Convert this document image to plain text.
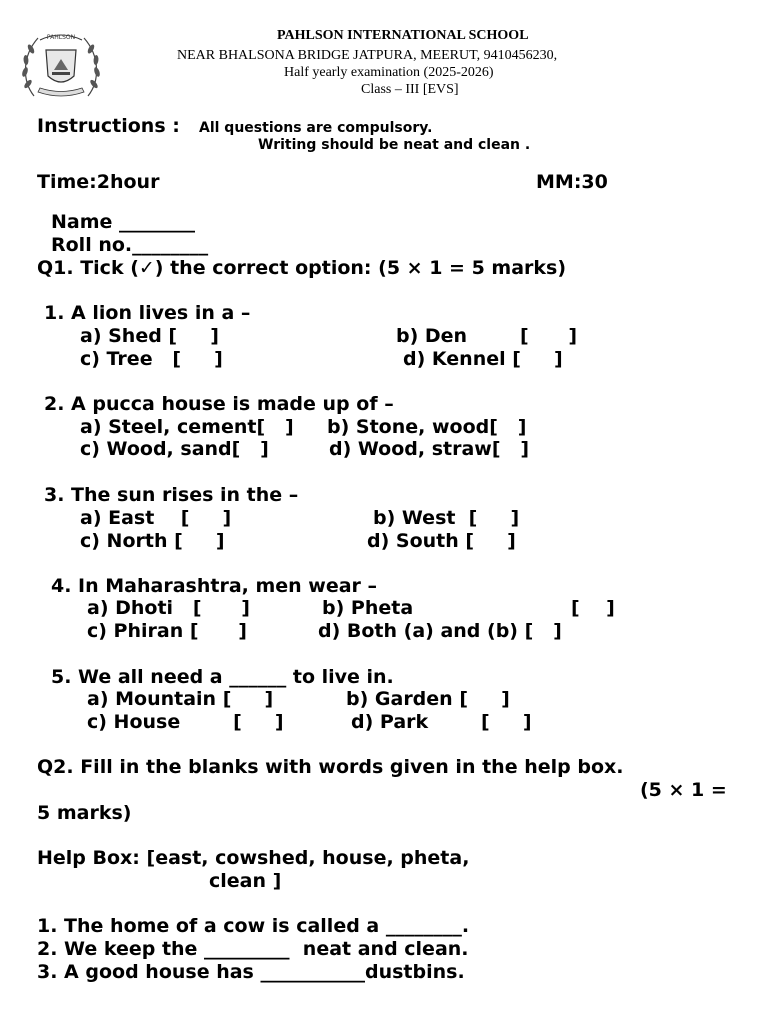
PAHLSON	PAHLSON INTERNATIONAL SCHOOL
NEAR BHALSONA BRIDGE JATPURA, MEERUT, 9410456230,
Half yearly examination (2025-2026)
Class – III [EVS]
Instructions : All questions are compulsory.
Writing should be neat and clean .
Time:2hour	MM:30
Name ________
Roll no.________
Q1. Tick (✓) the correct option: (5 × 1 = 5 marks)
1. A lion lives in a –
a) Shed [     ]	b) Den        [      ]
c) Tree   [     ]	d) Kennel [     ]
2. A pucca house is made up of –
a) Steel, cement[   ] b) Stone, wood[   ]
c) Wood, sand[   ]	d) Wood, straw[   ]
3. The sun rises in the –
a) East    [     ]	b) West  [     ]
c) North [     ]	d) South [     ]
4. In Maharashtra, men wear –
a) Dhoti   [      ]	b) Pheta	[    ]
c) Phiran [      ]	d) Both (a) and (b) [   ]
5. We all need a ______ to live in.
a) Mountain [     ]	b) Garden [     ]
c) House        [     ]	d) Park        [     ]
Q2. Fill in the blanks with words given in the help box.
(5 × 1 =
5 marks)
Help Box: [east, cowshed, house, pheta,
clean ]
1. The home of a cow is called a ________.
2. We keep the _________  neat and clean.
3. A good house has ___________dustbins.
